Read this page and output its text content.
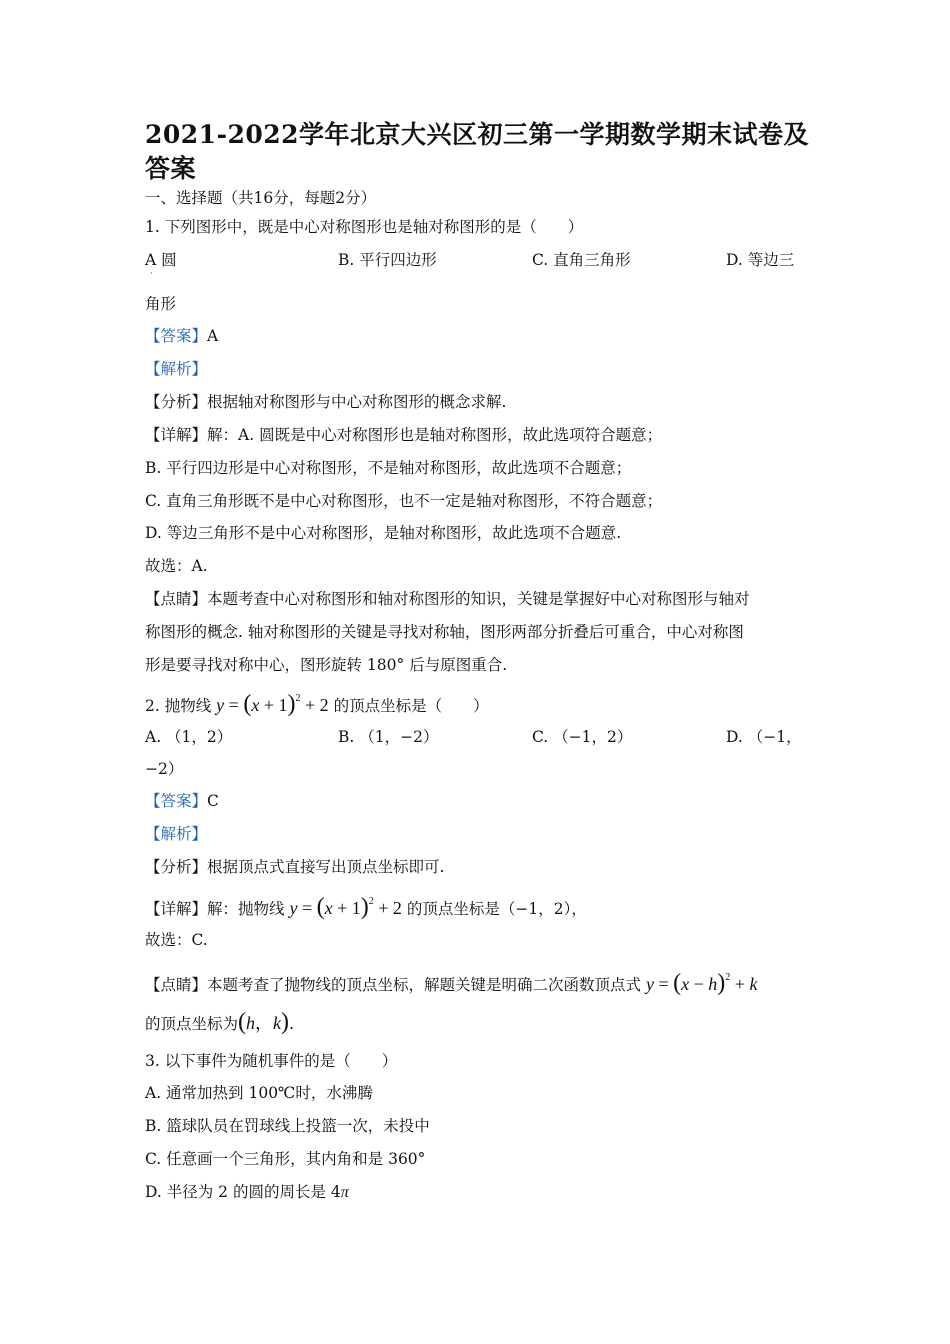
2021-2022学年北京大兴区初三第一学期数学期末试卷及答案
一、选择题（共16分，每题2分）
1. 下列图形中，既是中心对称图形也是轴对称图形的是（　　）
A 圆
·
B. 平行四边形	C. 直角三角形	D. 等边三
角形
【答案】A
【解析】
【分析】根据轴对称图形与中心对称图形的概念求解.
【详解】解：A. 圆既是中心对称图形也是轴对称图形，故此选项符合题意；
B. 平行四边形是中心对称图形，不是轴对称图形，故此选项不合题意；
C. 直角三角形既不是中心对称图形，也不一定是轴对称图形，不符合题意；
D. 等边三角形不是中心对称图形，是轴对称图形，故此选项不合题意.
故选：A.
【点睛】本题考查中心对称图形和轴对称图形的知识，关键是掌握好中心对称图形与轴对
称图形的概念. 轴对称图形的关键是寻找对称轴，图形两部分折叠后可重合，中心对称图
形是要寻找对称中心，图形旋转 180° 后与原图重合.
2. 抛物线 $y = (x + 1)^2 + 2$ 的顶点坐标是（　　）
A. （1，2）	B. （1，−2）	C. （−1，2）	D. （−1，
−2）
【答案】C
【解析】
【分析】根据顶点式直接写出顶点坐标即可.
【详解】解：抛物线 $y = (x + 1)^2 + 2$ 的顶点坐标是（−1，2），
故选：C.
【点睛】本题考查了抛物线的顶点坐标，解题关键是明确二次函数顶点式 $y = (x - h)^2 + k$
的顶点坐标为(h，k).
3. 以下事件为随机事件的是（　　）
A. 通常加热到 100℃时，水沸腾
B. 篮球队员在罚球线上投篮一次，未投中
C. 任意画一个三角形，其内角和是 360°
D. 半径为 2 的圆的周长是 4π
